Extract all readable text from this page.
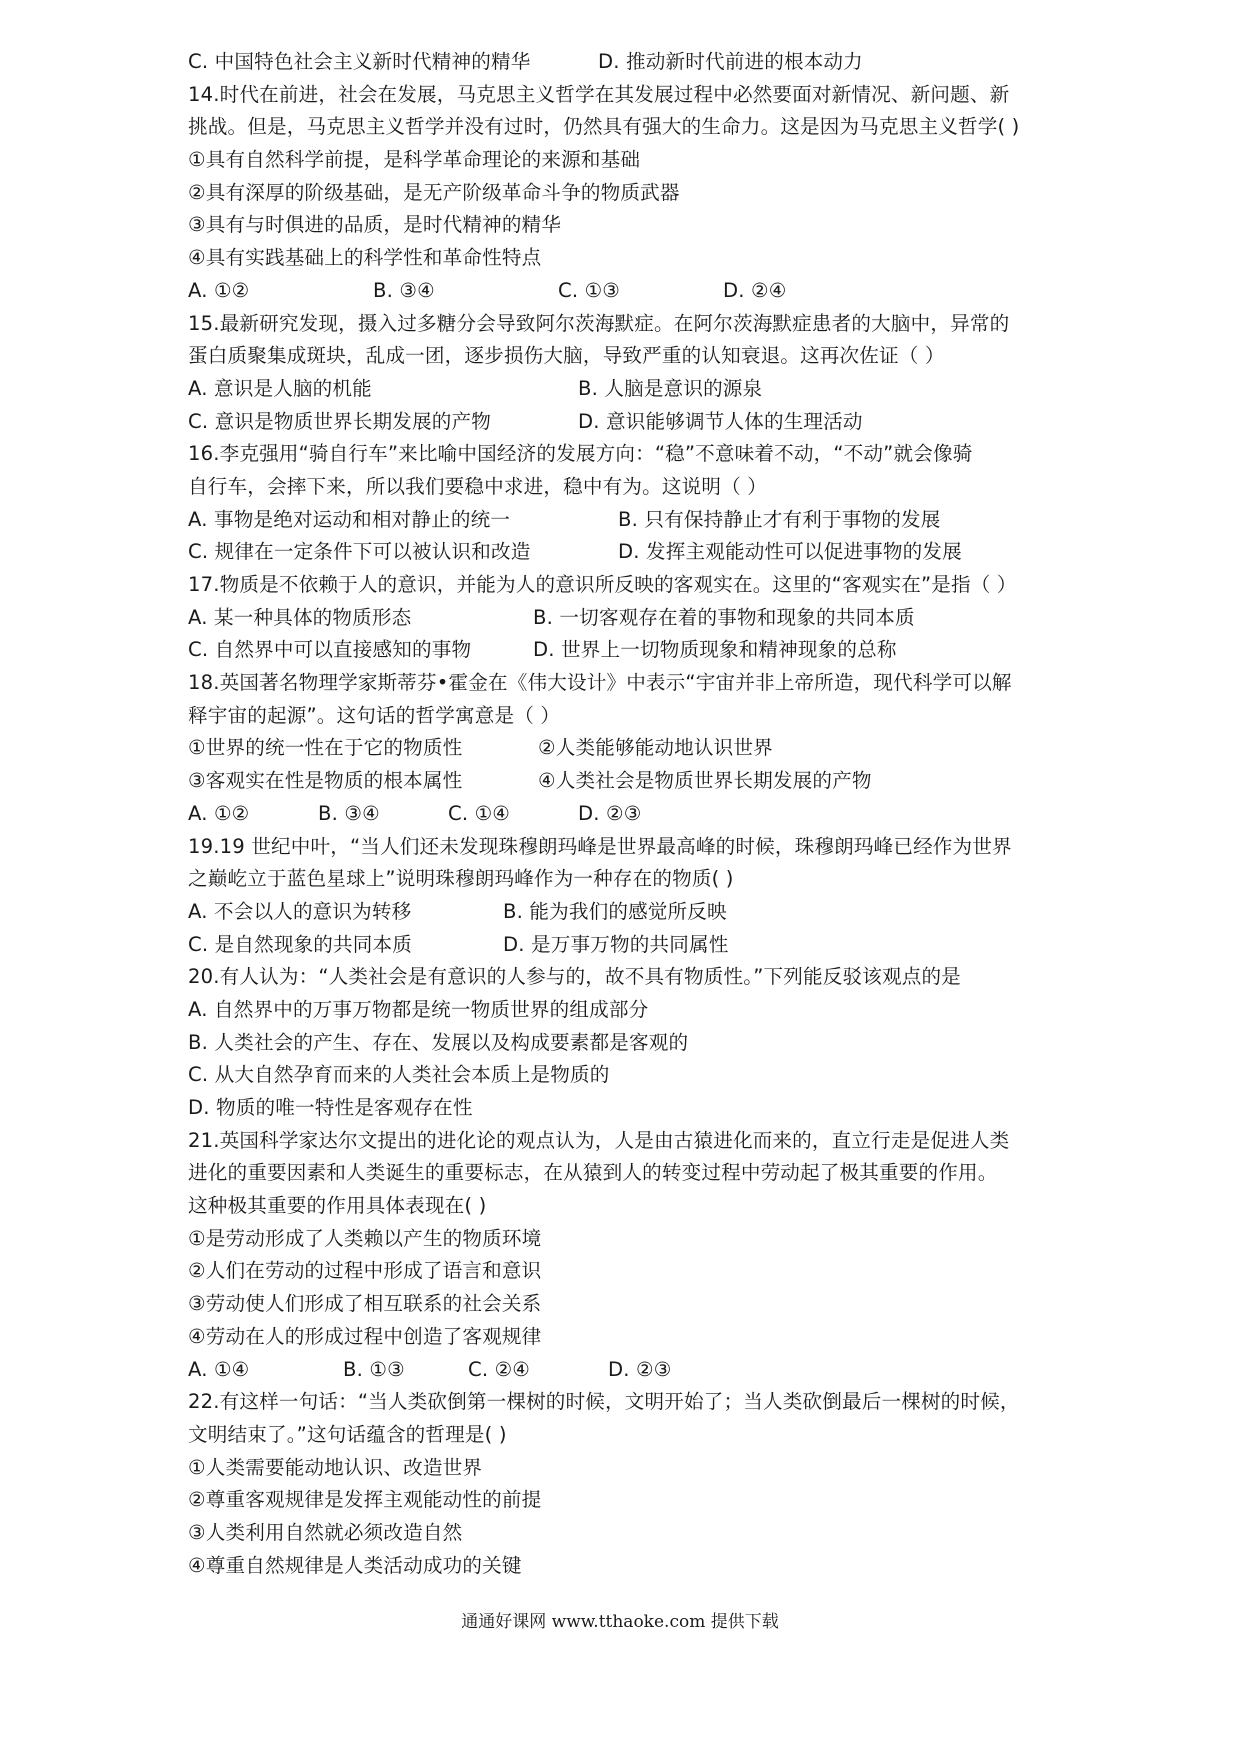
C. 中国特色社会主义新时代精神的精华	D. 推动新时代前进的根本动力
14.时代在前进，社会在发展，马克思主义哲学在其发展过程中必然要面对新情况、新问题、新
挑战。但是，马克思主义哲学并没有过时，仍然具有强大的生命力。这是因为马克思主义哲学( )
①具有自然科学前提，是科学革命理论的来源和基础
②具有深厚的阶级基础，是无产阶级革命斗争的物质武器
③具有与时俱进的品质，是时代精神的精华
④具有实践基础上的科学性和革命性特点
A. ①②	B. ③④	C. ①③	D. ②④
15.最新研究发现，摄入过多糖分会导致阿尔茨海默症。在阿尔茨海默症患者的大脑中，异常的
蛋白质聚集成斑块，乱成一团，逐步损伤大脑，导致严重的认知衰退。这再次佐证（ ）
A. 意识是人脑的机能	B. 人脑是意识的源泉
C. 意识是物质世界长期发展的产物	D. 意识能够调节人体的生理活动
16.李克强用“骑自行车”来比喻中国经济的发展方向：“稳”不意味着不动，“不动”就会像骑
自行车，会摔下来，所以我们要稳中求进，稳中有为。这说明（ ）
A. 事物是绝对运动和相对静止的统一	B. 只有保持静止才有利于事物的发展
C. 规律在一定条件下可以被认识和改造	D. 发挥主观能动性可以促进事物的发展
17.物质是不依赖于人的意识，并能为人的意识所反映的客观实在。这里的“客观实在”是指（ ）
A. 某一种具体的物质形态	B. 一切客观存在着的事物和现象的共同本质
C. 自然界中可以直接感知的事物	D. 世界上一切物质现象和精神现象的总称
18.英国著名物理学家斯蒂芬•霍金在《伟大设计》中表示“宇宙并非上帝所造，现代科学可以解
释宇宙的起源”。这句话的哲学寓意是（ ）
①世界的统一性在于它的物质性	②人类能够能动地认识世界
③客观实在性是物质的根本属性	④人类社会是物质世界长期发展的产物
A. ①②	B. ③④	C. ①④	D. ②③
19.19 世纪中叶，“当人们还未发现珠穆朗玛峰是世界最高峰的时候，珠穆朗玛峰已经作为世界
之巅屹立于蓝色星球上”说明珠穆朗玛峰作为一种存在的物质( )
A. 不会以人的意识为转移	B. 能为我们的感觉所反映
C. 是自然现象的共同本质	D. 是万事万物的共同属性
20.有人认为：“人类社会是有意识的人参与的，故不具有物质性。”下列能反驳该观点的是
A. 自然界中的万事万物都是统一物质世界的组成部分
B. 人类社会的产生、存在、发展以及构成要素都是客观的
C. 从大自然孕育而来的人类社会本质上是物质的
D. 物质的唯一特性是客观存在性
21.英国科学家达尔文提出的进化论的观点认为，人是由古猿进化而来的，直立行走是促进人类
进化的重要因素和人类诞生的重要标志，在从猿到人的转变过程中劳动起了极其重要的作用。
这种极其重要的作用具体表现在( )
①是劳动形成了人类赖以产生的物质环境
②人们在劳动的过程中形成了语言和意识
③劳动使人们形成了相互联系的社会关系
④劳动在人的形成过程中创造了客观规律
A. ①④	B. ①③	C. ②④	D. ②③
22.有这样一句话：“当人类砍倒第一棵树的时候，文明开始了；当人类砍倒最后一棵树的时候，
文明结束了。”这句话蕴含的哲理是( )
①人类需要能动地认识、改造世界
②尊重客观规律是发挥主观能动性的前提
③人类利用自然就必须改造自然
④尊重自然规律是人类活动成功的关键
通通好课网 www.tthaoke.com 提供下载
